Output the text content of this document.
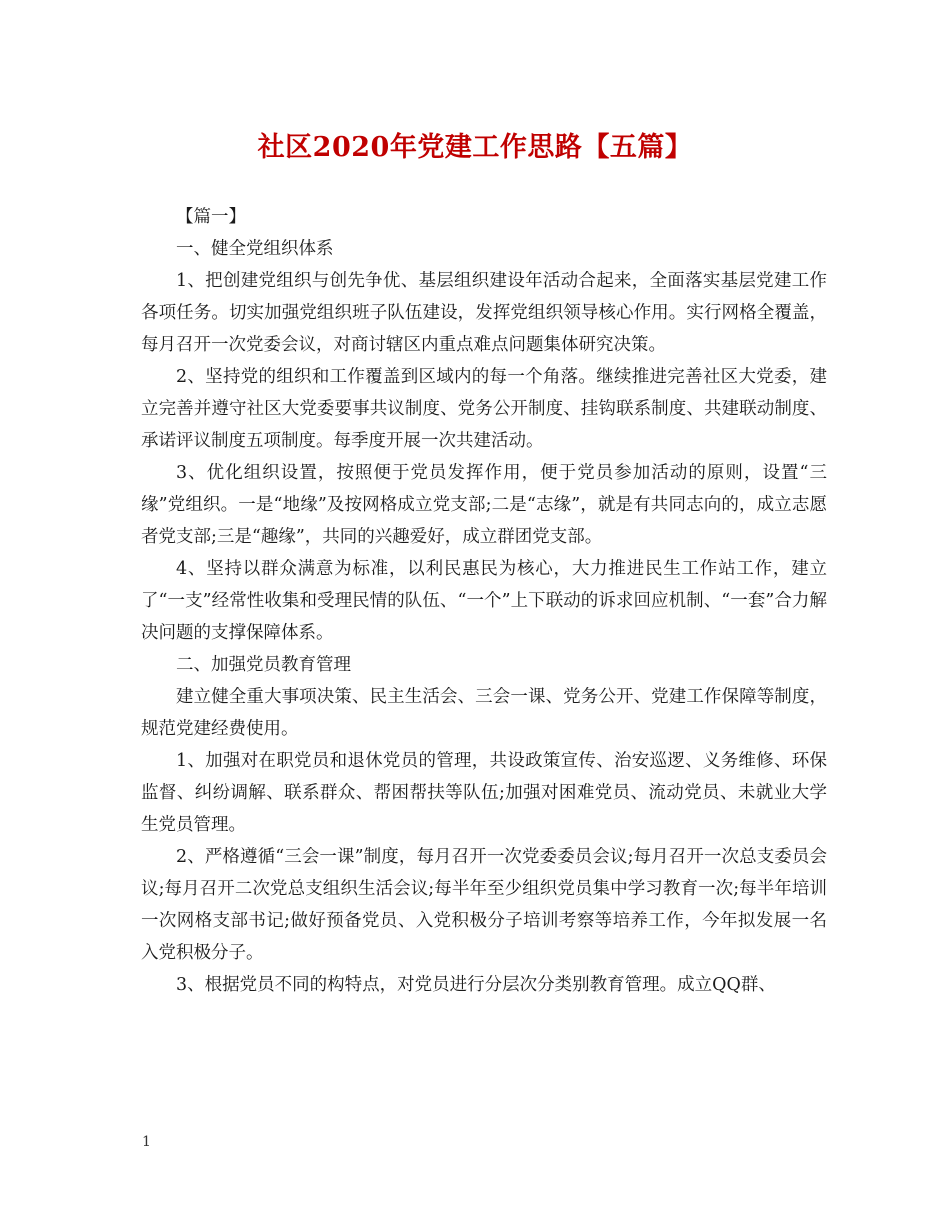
社区2020年党建工作思路【五篇】

【篇一】

一、健全党组织体系

1、把创建党组织与创先争优、基层组织建设年活动合起来，全面落实基层党建工作各项任务。切实加强党组织班子队伍建设，发挥党组织领导核心作用。实行网格全覆盖，每月召开一次党委会议，对商讨辖区内重点难点问题集体研究决策。

2、坚持党的组织和工作覆盖到区域内的每一个角落。继续推进完善社区大党委，建立完善并遵守社区大党委要事共议制度、党务公开制度、挂钩联系制度、共建联动制度、承诺评议制度五项制度。每季度开展一次共建活动。

3、优化组织设置，按照便于党员发挥作用，便于党员参加活动的原则，设置“三缘”党组织。一是“地缘”及按网格成立党支部;二是“志缘”，就是有共同志向的，成立志愿者党支部;三是“趣缘”，共同的兴趣爱好，成立群团党支部。

4、坚持以群众满意为标准，以利民惠民为核心，大力推进民生工作站工作，建立了“一支”经常性收集和受理民情的队伍、“一个”上下联动的诉求回应机制、“一套”合力解决问题的支撑保障体系。

二、加强党员教育管理

建立健全重大事项决策、民主生活会、三会一课、党务公开、党建工作保障等制度，规范党建经费使用。

1、加强对在职党员和退休党员的管理，共设政策宣传、治安巡逻、义务维修、环保监督、纠纷调解、联系群众、帮困帮扶等队伍;加强对困难党员、流动党员、未就业大学生党员管理。

2、严格遵循“三会一课”制度，每月召开一次党委委员会议;每月召开一次总支委员会议;每月召开二次党总支组织生活会议;每半年至少组织党员集中学习教育一次;每半年培训一次网格支部书记;做好预备党员、入党积极分子培训考察等培养工作，今年拟发展一名入党积极分子。

3、根据党员不同的构特点，对党员进行分层次分类别教育管理。成立QQ群、

1
